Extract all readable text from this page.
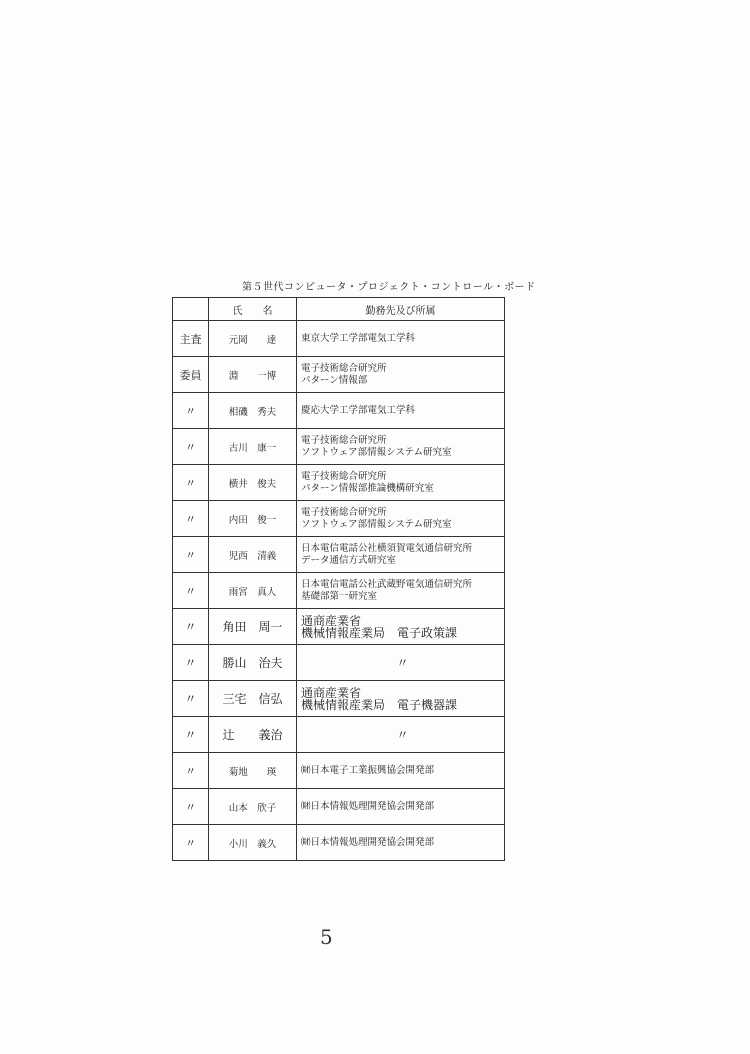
第５世代コンピュータ・プロジェクト・コントロール・ボード
	氏　　名	勤務先及び所属
主査	元岡　　達	東京大学工学部電気工学科

委員	淵　　一博	電子技術総合研究所
パターン情報部

〃	相磯　秀夫	慶応大学工学部電気工学科

〃	古川　康一	電子技術総合研究所
ソフトウェア部情報システム研究室

〃	横井　俊夫	電子技術総合研究所
パターン情報部推論機構研究室

〃	内田　俊一	電子技術総合研究所
ソフトウェア部情報システム研究室

〃	児西　清義	日本電信電話公社横須賀電気通信研究所
データ通信方式研究室

〃	雨宮　真人	日本電信電話公社武蔵野電気通信研究所
基礎部第一研究室

〃	角田　周一	通商産業省
機械情報産業局　電子政策課

〃	勝山　治夫	〃

〃	三宅　信弘	通商産業省
機械情報産業局　電子機器課

〃	辻　　義治	〃

〃	菊地　　瑛	㈶日本電子工業振興協会開発部

〃	山本　欣子	㈶日本情報処理開発協会開発部

〃	小川　義久	㈶日本情報処理開発協会開発部
5
